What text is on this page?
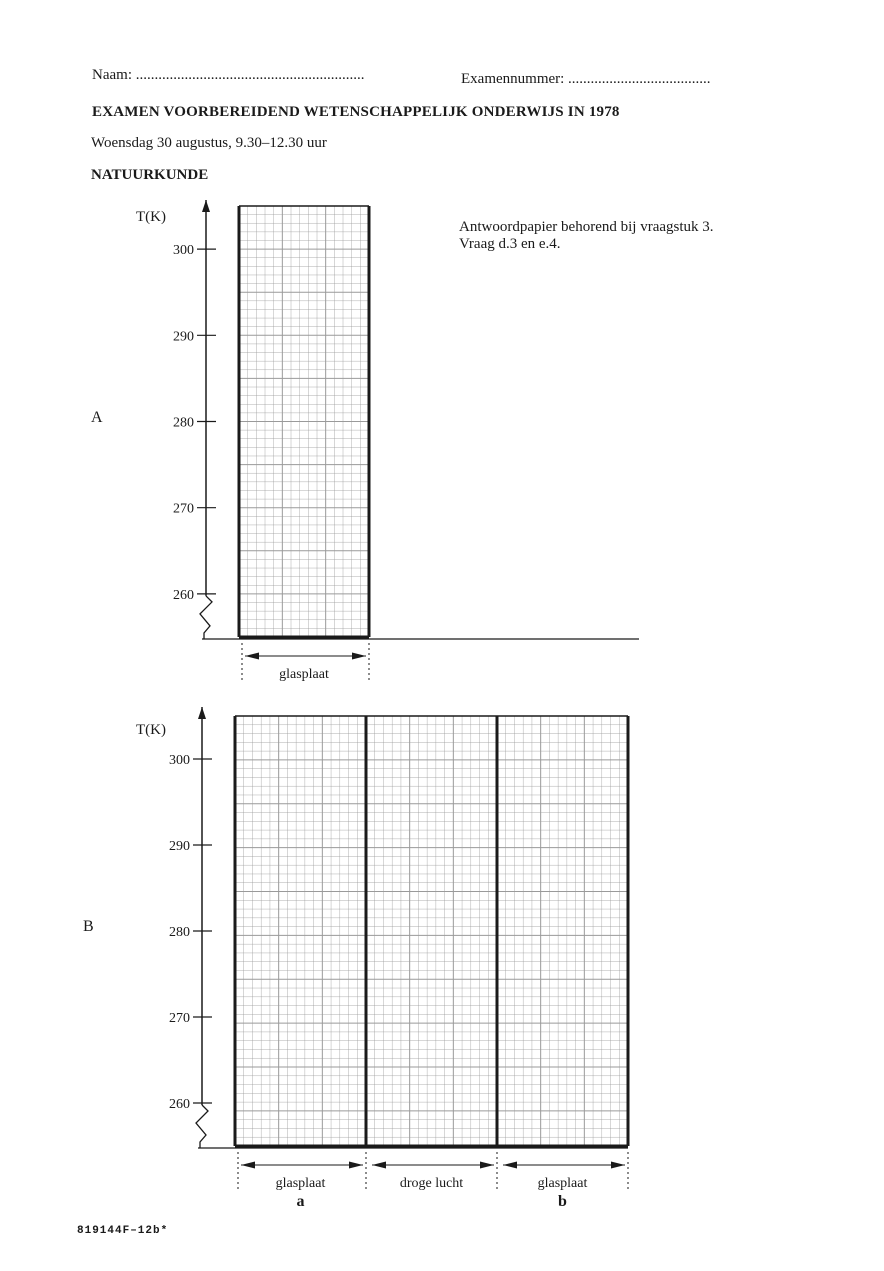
Naam: .............................................................	Examennummer: ......................................
EXAMEN VOORBEREIDEND WETENSCHAPPELIJK ONDERWIJS IN 1978
Woensdag 30 augustus, 9.30–12.30 uur
NATUURKUNDE
Antwoordpapier behorend bij vraagstuk 3.
Vraag d.3 en e.4.
A
B
300
290
280
270
260
glasplaat
T(K)
300
290
280
270
260
glasplaat
a
droge lucht	glasplaat
b
T(K)
819144F–12b*
